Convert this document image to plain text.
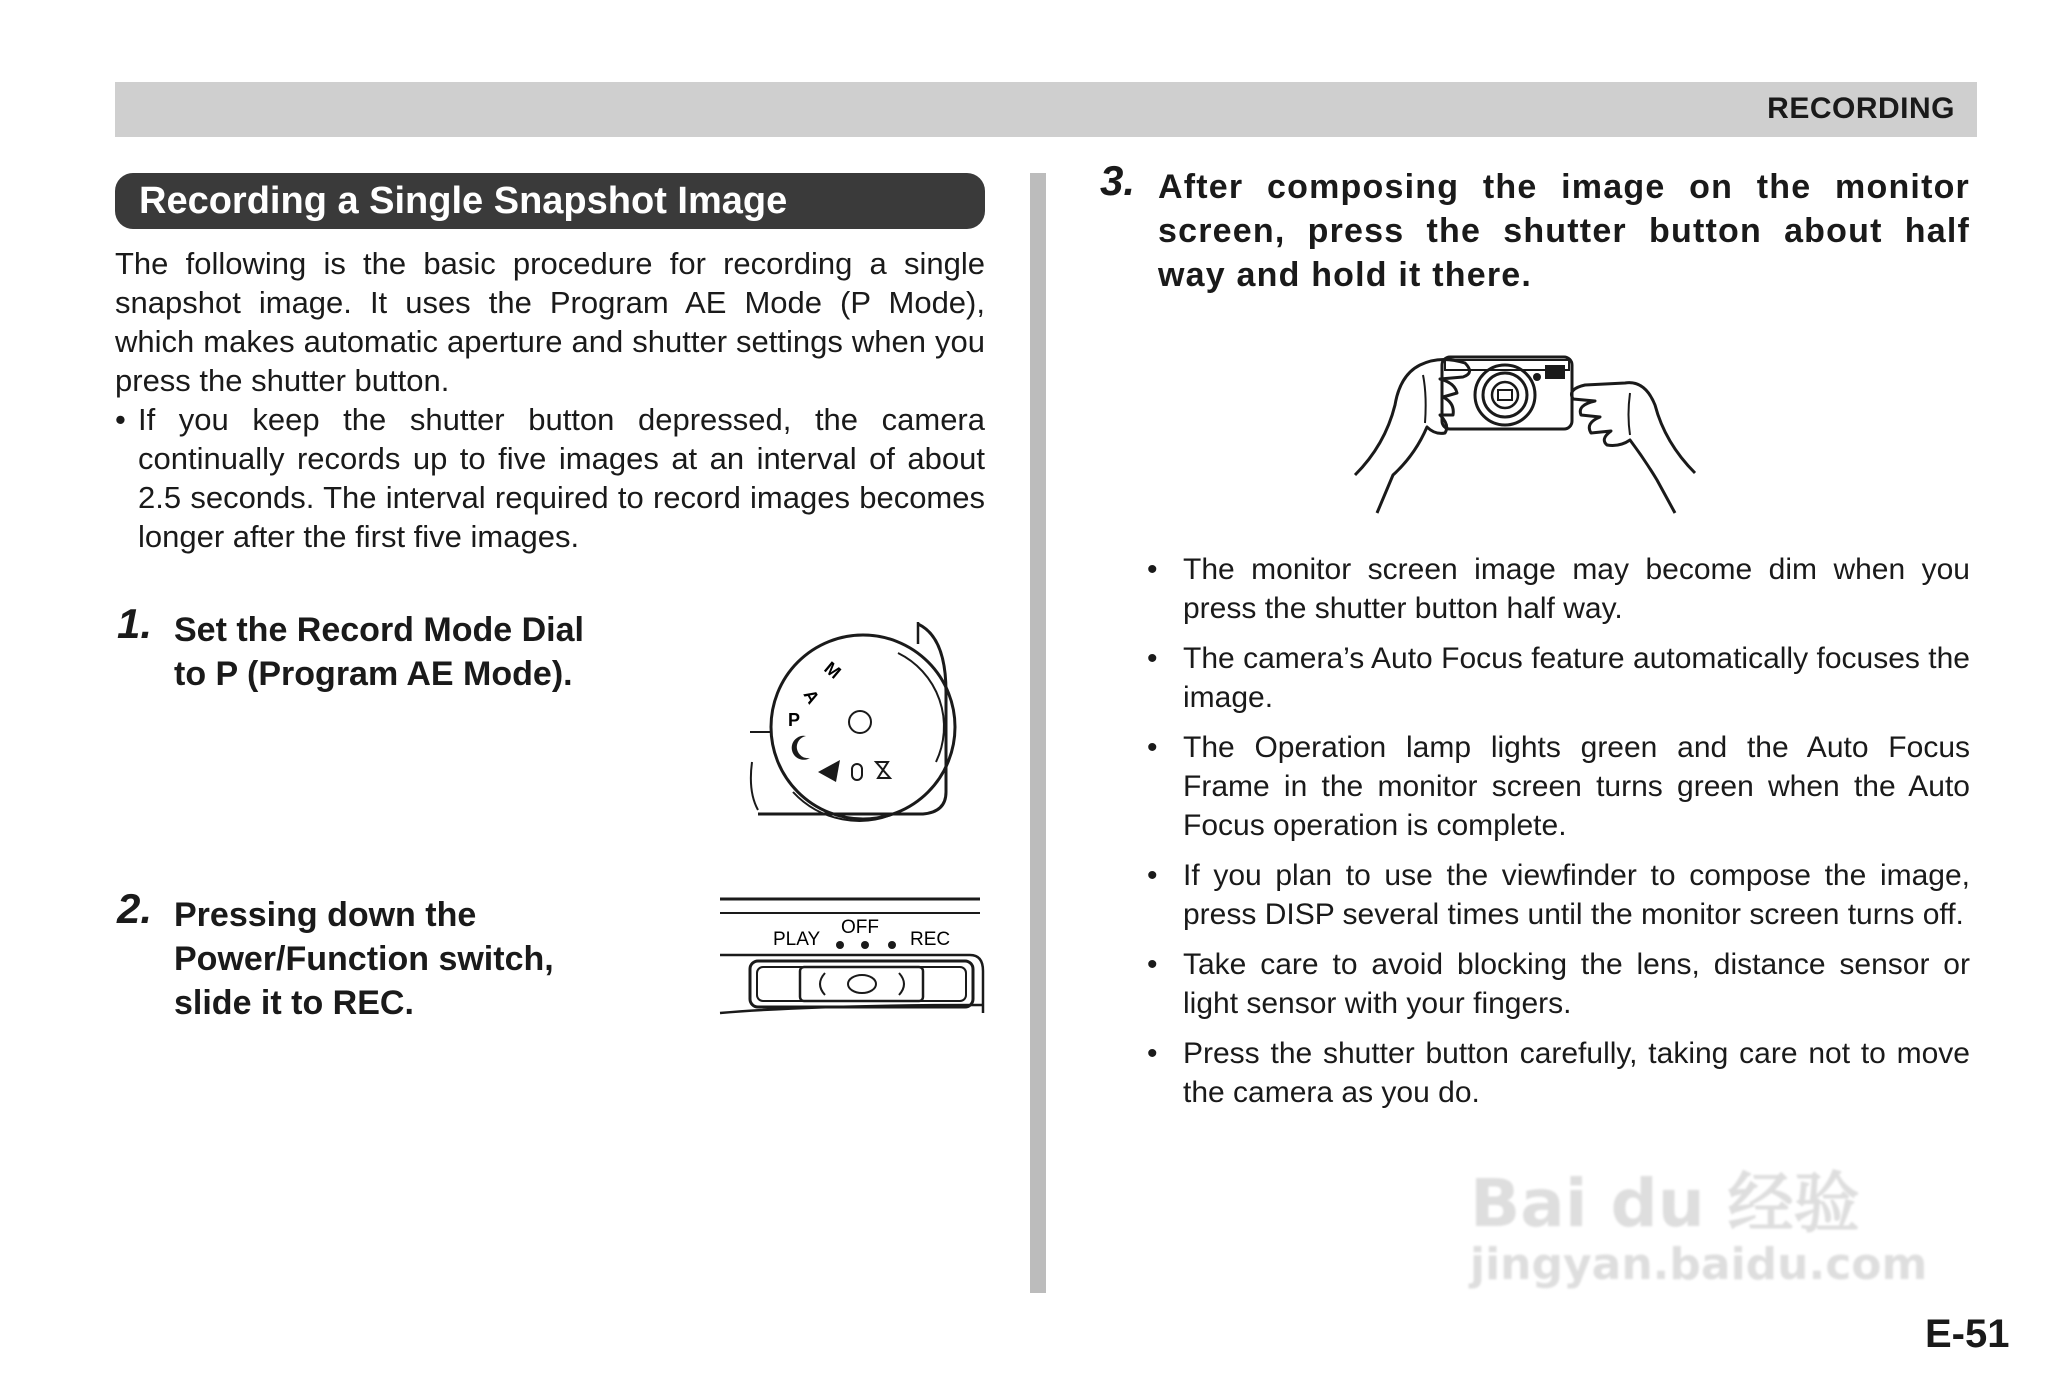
RECORDING
Recording a Single Snapshot Image
The following is the basic procedure for recording a single snapshot image. It uses the Program AE Mode (P Mode), which makes automatic aperture and shutter settings when you press the shutter button.
• If you keep the shutter button depressed, the camera continually records up to five images at an interval of about 2.5 seconds. The interval required to record images becomes longer after the first five images.
1. Set the Record Mode Dial to P (Program AE Mode).	M
A
P
2. Pressing down the Power/Function switch, slide it to REC.
PLAY
OFF
REC
3. After composing the image on the monitor screen, press the shutter button about half way and hold it there.
• The monitor screen image may become dim when you press the shutter button half way.
• The camera’s Auto Focus feature automatically focuses the image.
• The Operation lamp lights green and the Auto Focus Frame in the monitor screen turns green when the Auto Focus operation is complete.
• If you plan to use the viewfinder to compose the image, press DISP several times until the monitor screen turns off.
• Take care to avoid blocking the lens, distance sensor or light sensor with your fingers.
• Press the shutter button carefully, taking care not to move the camera as you do.
Bai du 经验
jingyan.baidu.com
E-51
